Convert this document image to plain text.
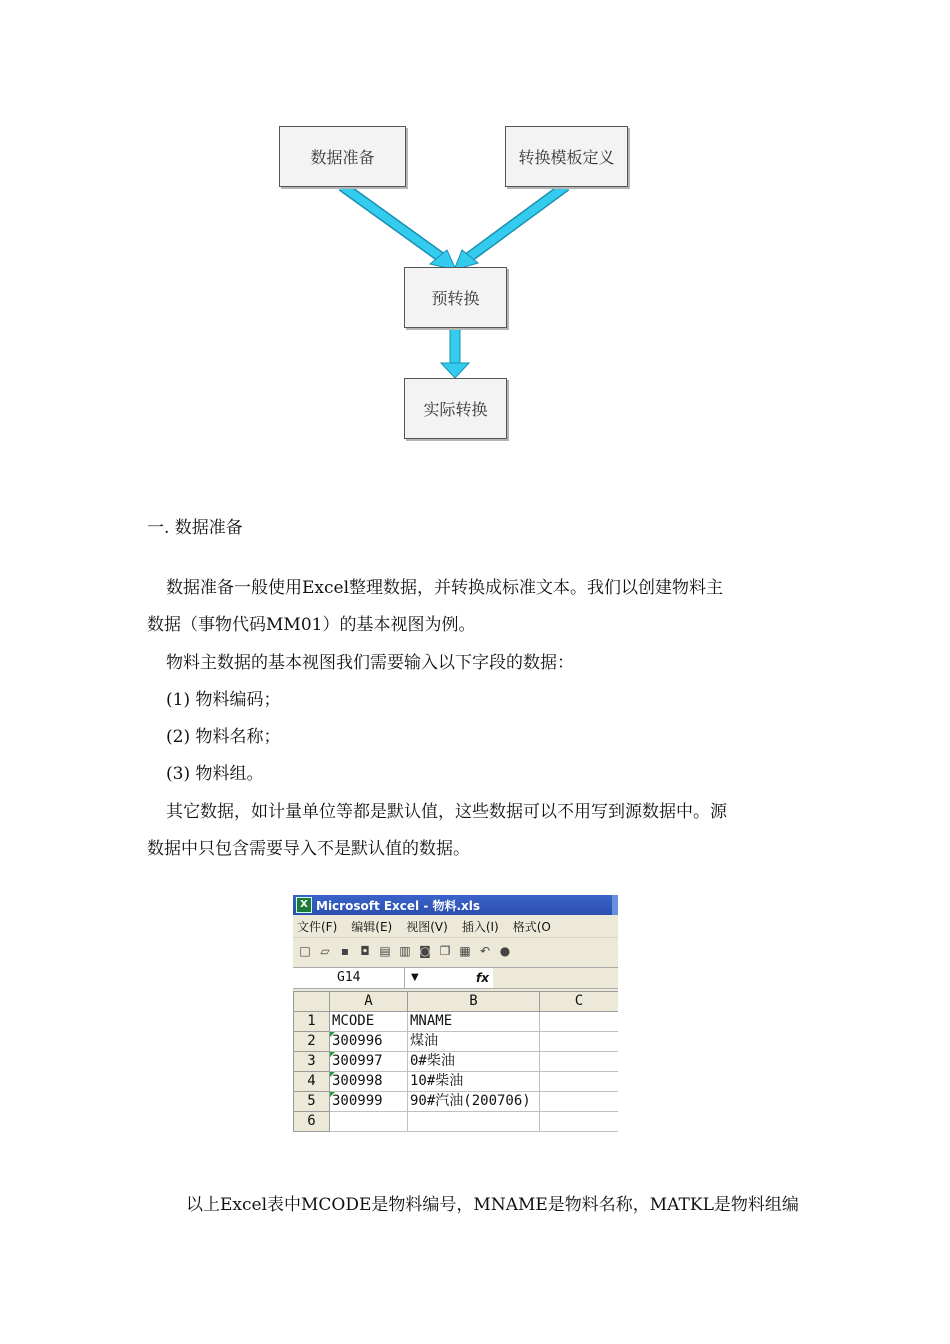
数据准备	转换模板定义
预转换
实际转换
一. 数据准备
数据准备一般使用Excel整理数据，并转换成标准文本。我们以创建物料主
数据（事物代码MM01）的基本视图为例。
物料主数据的基本视图我们需要输入以下字段的数据：
(1) 物料编码；
(2) 物料名称；
(3) 物料组。
其它数据，如计量单位等都是默认值，这些数据可以不用写到源数据中。源
数据中只包含需要导入不是默认值的数据。
X Microsoft Excel - 物料.xls
文件(F) 编辑(E) 视图(V) 插入(I) 格式(O
□ ▱ ▪ ◘ ▤ ▥ ◙ ❐ ▦ ↶ ●
G14	▼	fx
	A	B	C
1	MCODE	MNAME	
2	300996	煤油	
3	300997	0#柴油	
4	300998	10#柴油	
5	300999	90#汽油(200706)	
6			
以上Excel表中MCODE是物料编号，MNAME是物料名称，MATKL是物料组编
